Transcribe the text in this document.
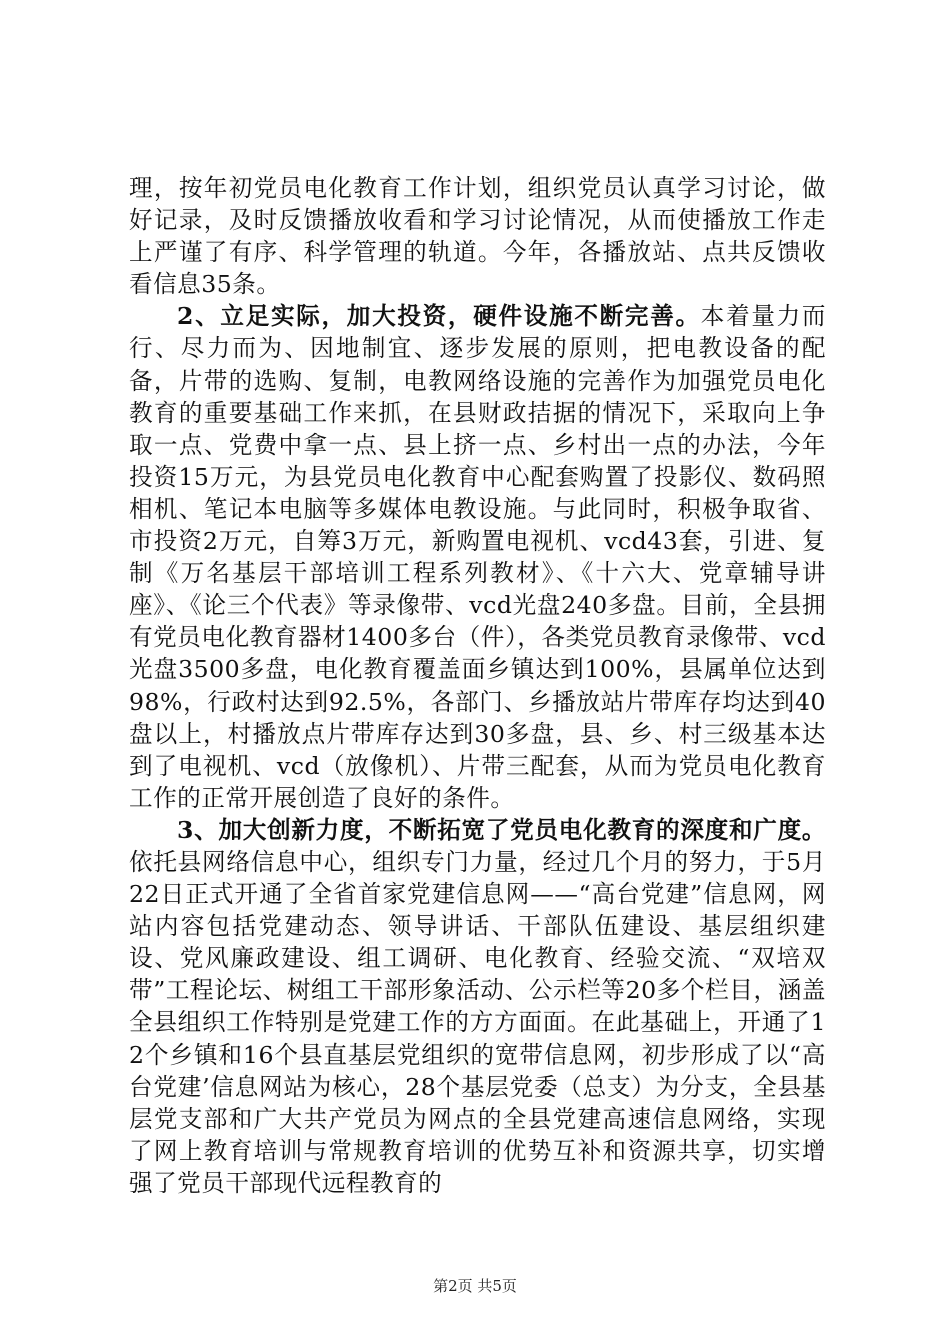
理，按年初党员电化教育工作计划，组织党员认真学习讨论，做好记录，及时反馈播放收看和学习讨论情况，从而使播放工作走上严谨了有序、科学管理的轨道。今年，各播放站、点共反馈收看信息35条。

2、立足实际，加大投资，硬件设施不断完善。本着量力而行、尽力而为、因地制宜、逐步发展的原则，把电教设备的配备，片带的选购、复制，电教网络设施的完善作为加强党员电化教育的重要基础工作来抓，在县财政拮据的情况下，采取向上争取一点、党费中拿一点、县上挤一点、乡村出一点的办法，今年投资15万元，为县党员电化教育中心配套购置了投影仪、数码照相机、笔记本电脑等多媒体电教设施。与此同时，积极争取省、市投资2万元，自筹3万元，新购置电视机、vcd43套，引进、复制《万名基层干部培训工程系列教材》、《十六大、党章辅导讲座》、《论三个代表》等录像带、vcd光盘240多盘。目前，全县拥有党员电化教育器材1400多台（件），各类党员教育录像带、vcd光盘3500多盘，电化教育覆盖面乡镇达到100%，县属单位达到98%，行政村达到92.5%，各部门、乡播放站片带库存均达到40盘以上，村播放点片带库存达到30多盘，县、乡、村三级基本达到了电视机、vcd（放像机）、片带三配套，从而为党员电化教育工作的正常开展创造了良好的条件。

3、加大创新力度，不断拓宽了党员电化教育的深度和广度。依托县网络信息中心，组织专门力量，经过几个月的努力，于5月22日正式开通了全省首家党建信息网——“高台党建”信息网，网站内容包括党建动态、领导讲话、干部队伍建设、基层组织建设、党风廉政建设、组工调研、电化教育、经验交流、“双培双带”工程论坛、树组工干部形象活动、公示栏等20多个栏目，涵盖全县组织工作特别是党建工作的方方面面。在此基础上，开通了12个乡镇和16个县直基层党组织的宽带信息网，初步形成了以“高台党建’信息网站为核心，28个基层党委（总支）为分支，全县基层党支部和广大共产党员为网点的全县党建高速信息网络，实现了网上教育培训与常规教育培训的优势互补和资源共享，切实增强了党员干部现代远程教育的

第2页 共5页
